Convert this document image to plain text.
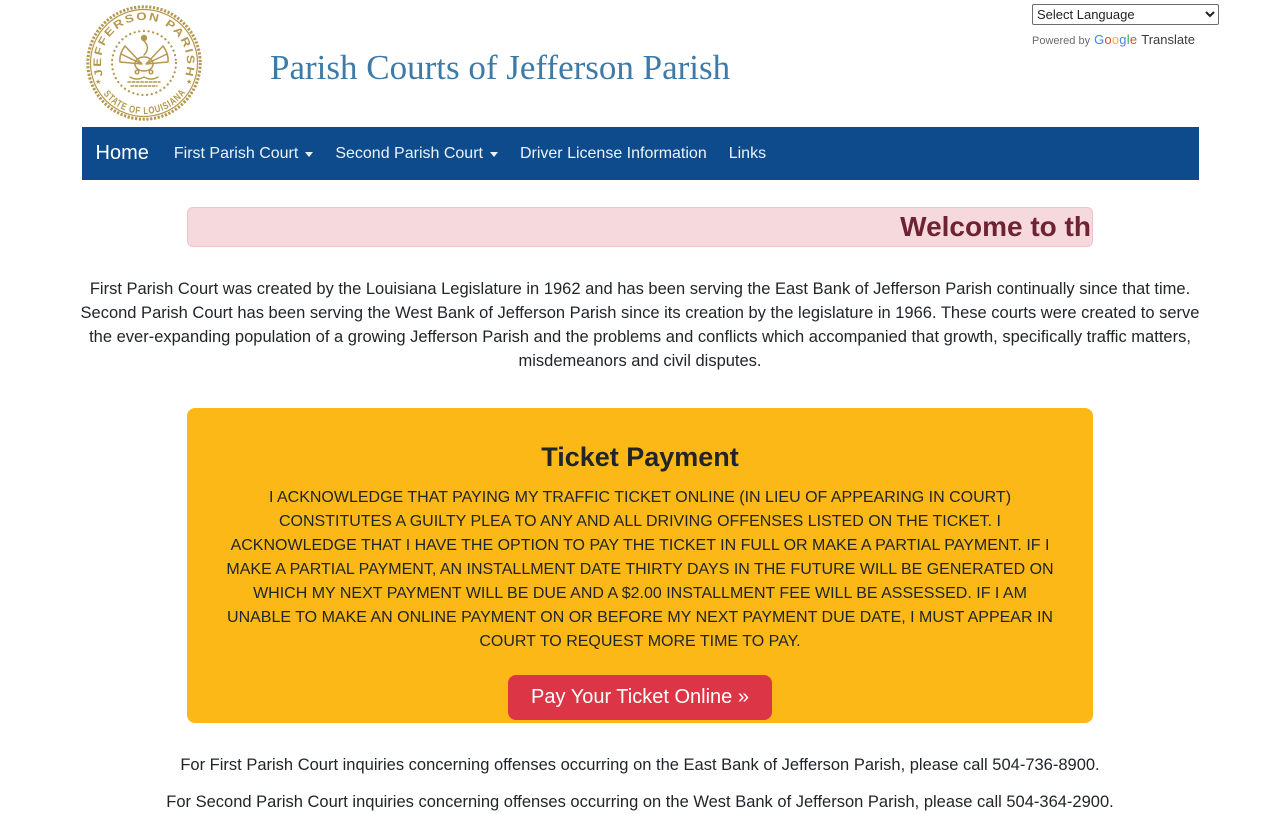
JEFFERSON PARISH
STATE OF LOUISIANA
★	★ Parish Courts of Jefferson Parish
Select Language
Powered by Google Translate
Home First Parish Court Second Parish Court Driver License Information Links
Welcome to th

First Parish Court was created by the Louisiana Legislature in 1962 and has been serving the East Bank of Jefferson Parish continually since that time. Second Parish Court has been serving the West Bank of Jefferson Parish since its creation by the legislature in 1966. These courts were created to serve the ever-expanding population of a growing Jefferson Parish and the problems and conflicts which accompanied that growth, specifically traffic matters, misdemeanors and civil disputes.

Ticket Payment

I ACKNOWLEDGE THAT PAYING MY TRAFFIC TICKET ONLINE (IN LIEU OF APPEARING IN COURT) CONSTITUTES A GUILTY PLEA TO ANY AND ALL DRIVING OFFENSES LISTED ON THE TICKET. I ACKNOWLEDGE THAT I HAVE THE OPTION TO PAY THE TICKET IN FULL OR MAKE A PARTIAL PAYMENT. IF I MAKE A PARTIAL PAYMENT, AN INSTALLMENT DATE THIRTY DAYS IN THE FUTURE WILL BE GENERATED ON WHICH MY NEXT PAYMENT WILL BE DUE AND A $2.00 INSTALLMENT FEE WILL BE ASSESSED. IF I AM UNABLE TO MAKE AN ONLINE PAYMENT ON OR BEFORE MY NEXT PAYMENT DUE DATE, I MUST APPEAR IN COURT TO REQUEST MORE TIME TO PAY.

Pay Your Ticket Online »

For First Parish Court inquiries concerning offenses occurring on the East Bank of Jefferson Parish, please call 504-736-8900.

For Second Parish Court inquiries concerning offenses occurring on the West Bank of Jefferson Parish, please call 504-364-2900.
